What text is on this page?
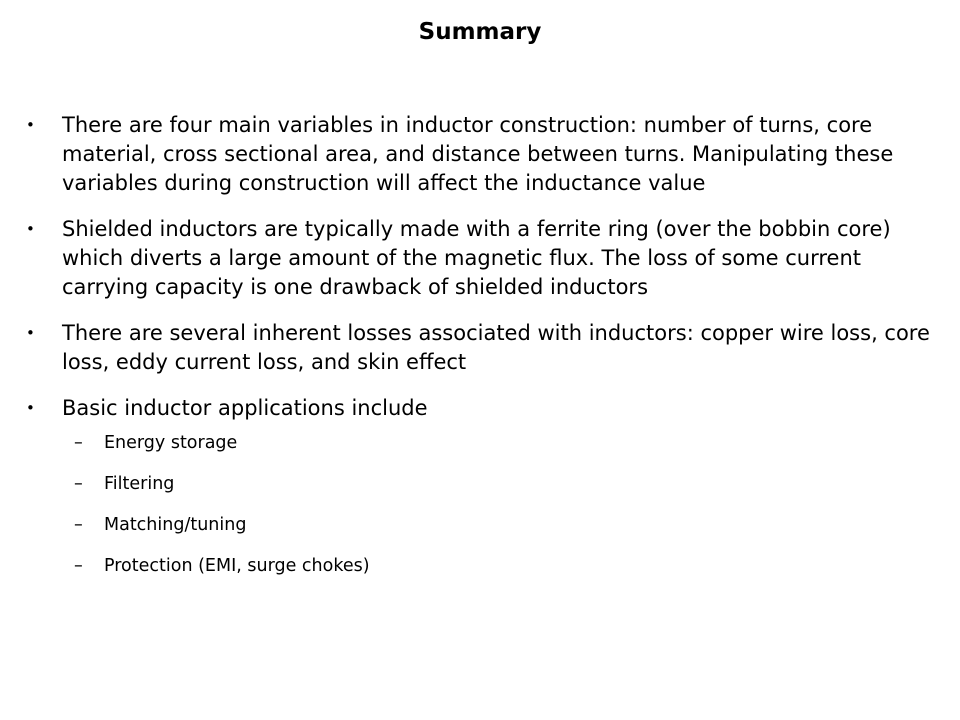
Summary
• There are four main variables in inductor construction: number of turns, core material, cross sectional area, and distance between turns. Manipulating these variables during construction will affect the inductance value
• Shielded inductors are typically made with a ferrite ring (over the bobbin core) which diverts a large amount of the magnetic flux. The loss of some current carrying capacity is one drawback of shielded inductors
• There are several inherent losses associated with inductors: copper wire loss, core loss, eddy current loss, and skin effect
• Basic inductor applications include
– Energy storage
– Filtering
– Matching/tuning
– Protection (EMI, surge chokes)
